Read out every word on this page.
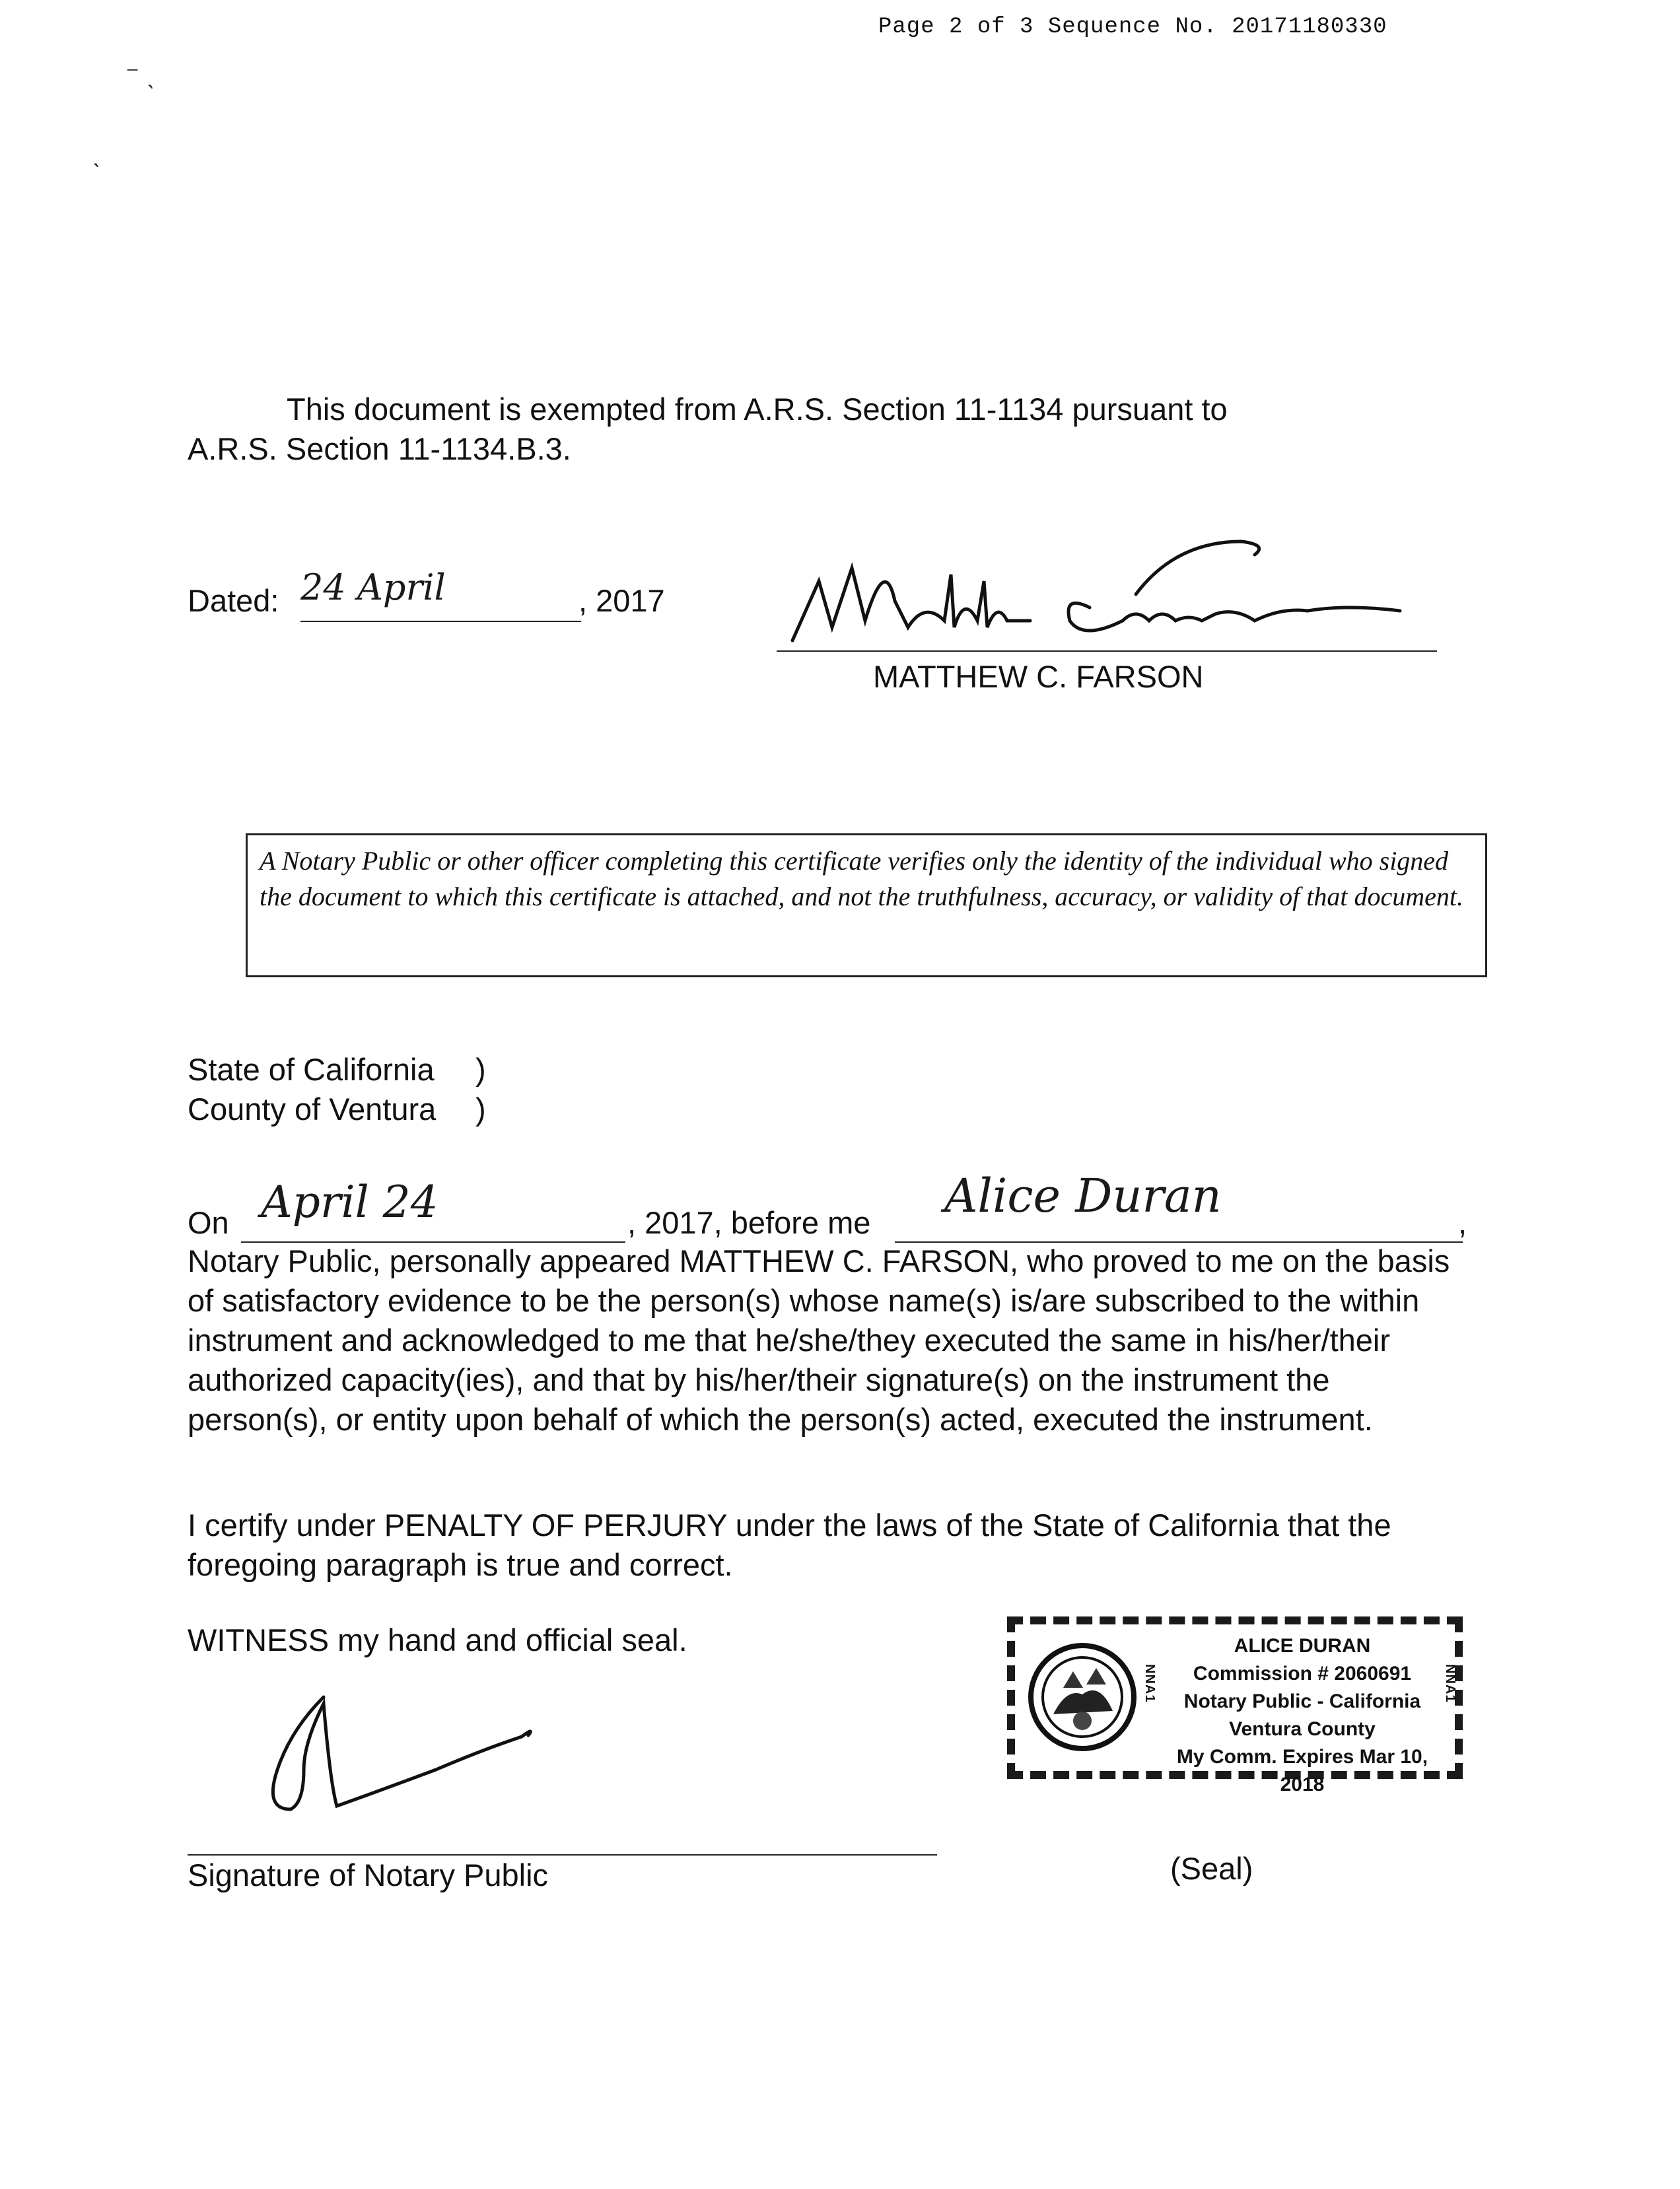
Page 2 of 3 Sequence No. 20171180330
⁻ ˎ
ˎ
This document is exempted from A.R.S. Section 11-1134 pursuant to
A.R.S. Section 11-1134.B.3.
Dated: 24 April	, 2017
MATTHEW C. FARSON
A Notary Public or other officer completing this certificate verifies only the identity of the individual who signed the document to which this certificate is attached, and not the truthfulness, accuracy, or validity of that document.
State of California )
County of Ventura )
On April 24	, 2017, before me Alice Duran	,
Notary Public, personally appeared MATTHEW C. FARSON, who proved to me on the basis of satisfactory evidence to be the person(s) whose name(s) is/are subscribed to the within instrument and acknowledged to me that he/she/they executed the same in his/her/their authorized capacity(ies), and that by his/her/their signature(s) on the instrument the person(s), or entity upon behalf of which the person(s) acted, executed the instrument.
I certify under PENALTY OF PERJURY under the laws of the State of California that the foregoing paragraph is true and correct.
WITNESS my hand and official seal.
Signature of Notary Public
NNA1	NNA1
ALICE DURAN
Commission # 2060691
Notary Public - California
Ventura County
My Comm. Expires Mar 10, 2018
(Seal)
